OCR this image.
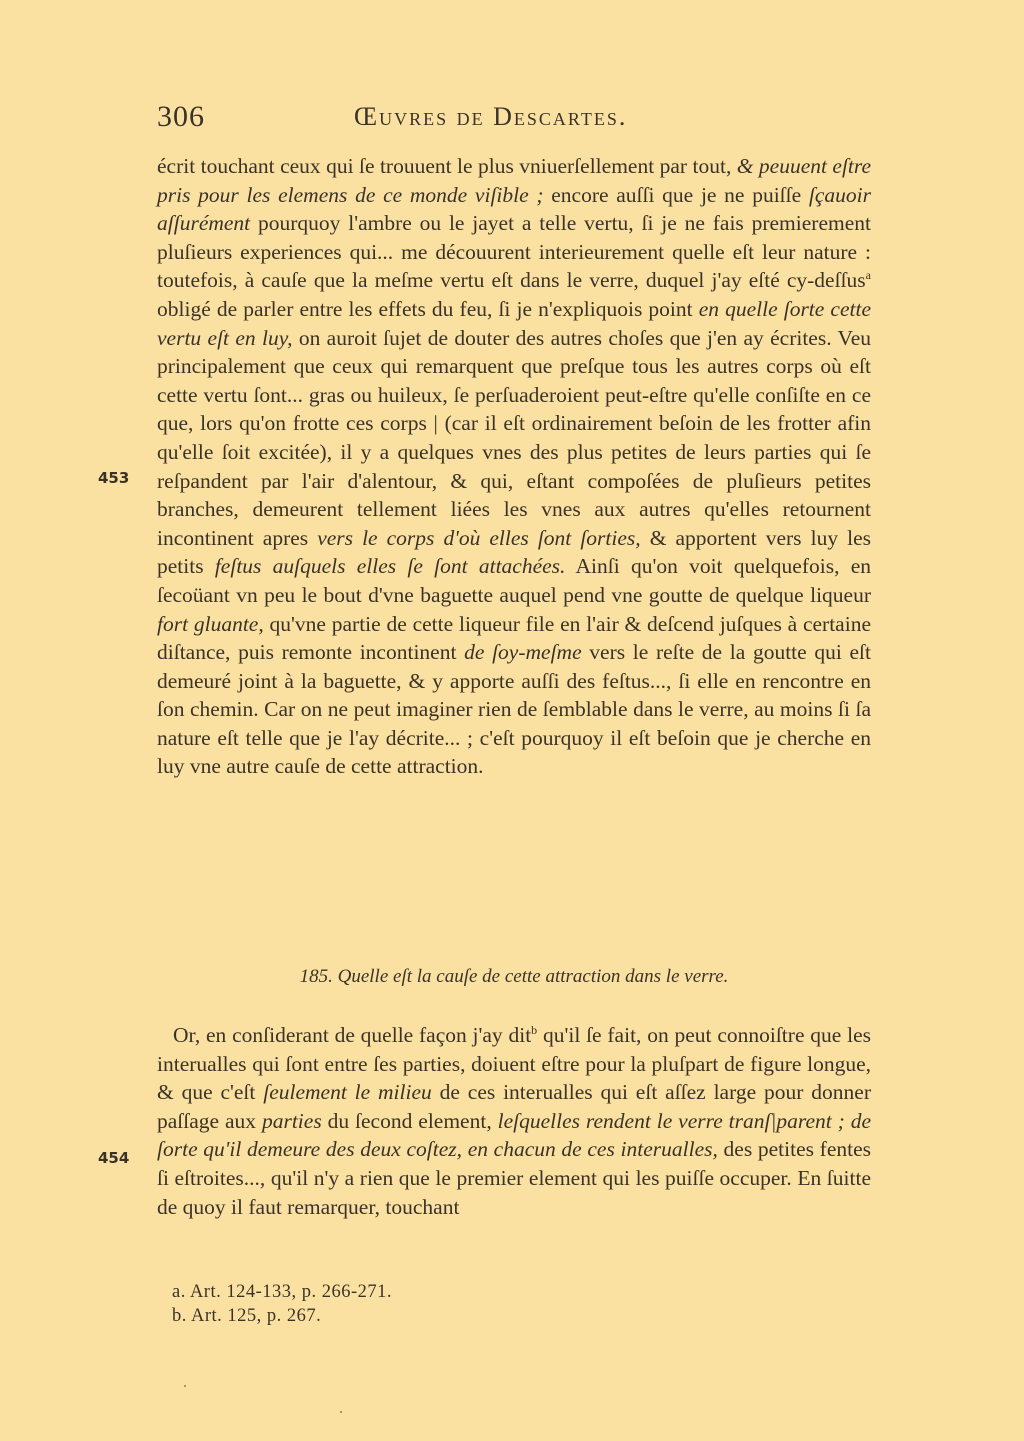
306	Œuvres de Descartes.
453
454

écrit touchant ceux qui ſe trouuent le plus vniuerſellement par tout, & peuuent eſtre pris pour les elemens de ce monde viſible ; encore auſſi que je ne puiſſe ſçauoir aſſurément pourquoy l'ambre ou le jayet a telle vertu, ſi je ne fais premierement pluſieurs experiences qui... me découurent interieurement quelle eſt leur nature : toutefois, à cauſe que la meſme vertu eſt dans le verre, duquel j'ay eſté cy-deſſus$^a$ obligé de parler entre les effets du feu, ſi je n'expliquois point en quelle ſorte cette vertu eſt en luy, on auroit ſujet de douter des autres choſes que j'en ay écrites. Veu principalement que ceux qui remarquent que preſque tous les autres corps où eſt cette vertu ſont... gras ou huileux, ſe perſuaderoient peut-eſtre qu'elle conſiſte en ce que, lors qu'on frotte ces corps | (car il eſt ordinairement beſoin de les frotter afin qu'elle ſoit excitée), il y a quelques vnes des plus petites de leurs parties qui ſe reſpandent par l'air d'alentour, & qui, eſtant compoſées de pluſieurs petites branches, demeurent tellement liées les vnes aux autres qu'elles retournent incontinent apres vers le corps d'où elles ſont ſorties, & apportent vers luy les petits feſtus auſquels elles ſe ſont attachées. Ainſi qu'on voit quelquefois, en ſecoüant vn peu le bout d'vne baguette auquel pend vne goutte de quelque liqueur fort gluante, qu'vne partie de cette liqueur file en l'air & deſcend juſques à certaine diſtance, puis remonte incontinent de ſoy-meſme vers le reſte de la goutte qui eſt demeuré joint à la baguette, & y apporte auſſi des feſtus..., ſi elle en rencontre en ſon chemin. Car on ne peut imaginer rien de ſemblable dans le verre, au moins ſi ſa nature eſt telle que je l'ay décrite... ; c'eſt pourquoy il eſt beſoin que je cherche en luy vne autre cauſe de cette attraction.

185. Quelle eſt la cauſe de cette attraction dans le verre.

Or, en conſiderant de quelle façon j'ay dit$^b$ qu'il ſe fait, on peut connoiſtre que les interualles qui ſont entre ſes parties, doiuent eſtre pour la pluſpart de figure longue, & que c'eſt ſeulement le milieu de ces interualles qui eſt aſſez large pour donner paſſage aux parties du ſecond element, leſquelles rendent le verre tranſ|parent ; de ſorte qu'il demeure des deux coſtez, en chacun de ces interualles, des petites fentes ſi eſtroites..., qu'il n'y a rien que le premier element qui les puiſſe occuper. En ſuitte de quoy il faut remarquer, touchant

a. Art. 124-133, p. 266-271.
b. Art. 125, p. 267.
